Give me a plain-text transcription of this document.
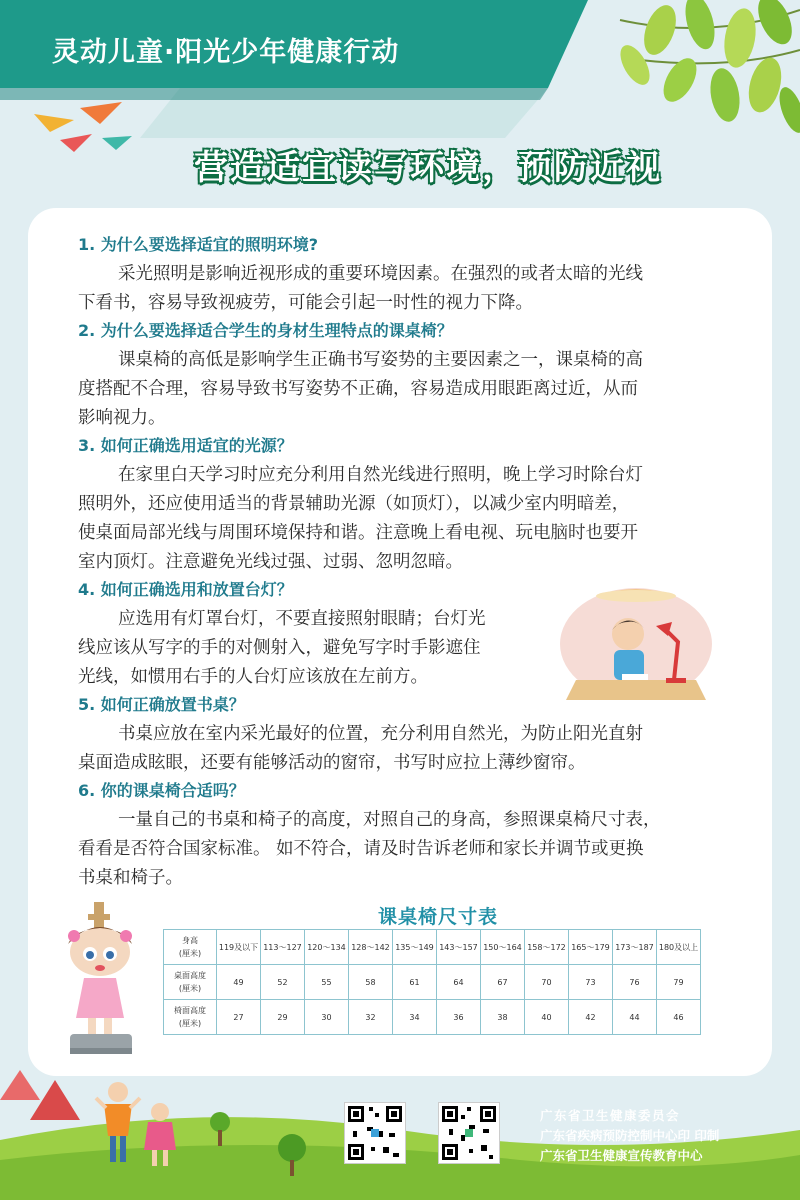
灵动儿童·阳光少年健康行动
营造适宜读写环境，预防近视
1. 为什么要选择适宜的照明环境?

采光照明是影响近视形成的重要环境因素。在强烈的或者太暗的光线

下看书，容易导致视疲劳，可能会引起一时性的视力下降。

2. 为什么要选择适合学生的身材生理特点的课桌椅？

课桌椅的高低是影响学生正确书写姿势的主要因素之一，课桌椅的高

度搭配不合理，容易导致书写姿势不正确，容易造成用眼距离过近，从而

影响视力。

3. 如何正确选用适宜的光源？

在家里白天学习时应充分利用自然光线进行照明，晚上学习时除台灯

照明外，还应使用适当的背景辅助光源（如顶灯），以减少室内明暗差，

使桌面局部光线与周围环境保持和谐。注意晚上看电视、玩电脑时也要开

室内顶灯。注意避免光线过强、过弱、忽明忽暗。

4. 如何正确选用和放置台灯？

应选用有灯罩台灯，不要直接照射眼睛；台灯光

线应该从写字的手的对侧射入，避免写字时手影遮住

光线，如惯用右手的人台灯应该放在左前方。

5. 如何正确放置书桌？

书桌应放在室内采光最好的位置，充分利用自然光，为防止阳光直射

桌面造成眩眼，还要有能够活动的窗帘，书写时应拉上薄纱窗帘。

6. 你的课桌椅合适吗？

一量自己的书桌和椅子的高度，对照自己的身高，参照课桌椅尺寸表，

看看是否符合国家标准。 如不符合，请及时告诉老师和家长并调节或更换

书桌和椅子。

课桌椅尺寸表
身高
(厘米)	119及以下	113～127	120～134	128～142	135～149	143～157	150～164	158～172	165～179	173～187	180及以上

桌面高度
(厘米)	49	52	55	58	61	64	67	70	73	76	79

椅面高度
(厘米)	27	29	30	32	34	36	38	40	42	44	46
广东省卫生健康委员会
广东省疾病预防控制中心印 印制
广东省卫生健康宣传教育中心
